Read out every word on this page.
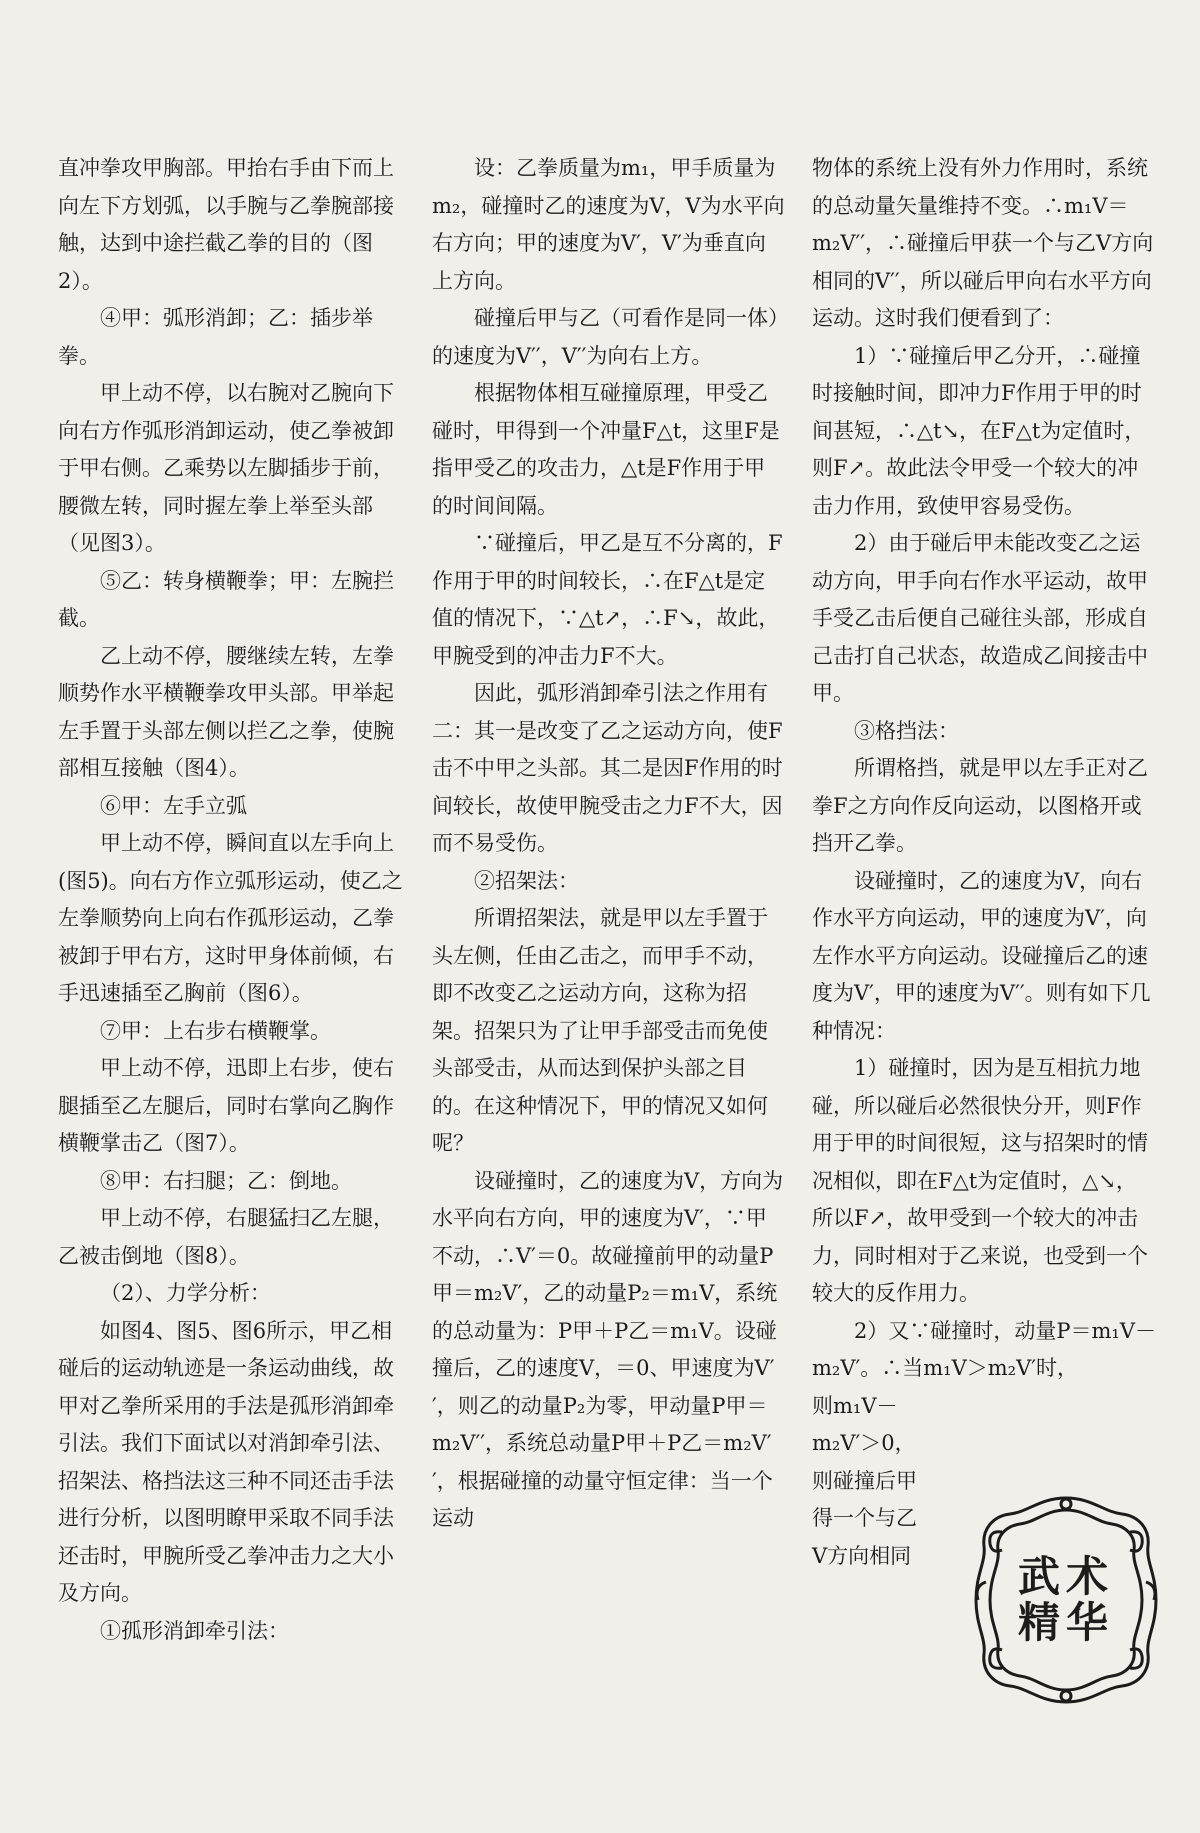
直冲拳攻甲胸部。甲抬右手由下而上向左下方划弧，以手腕与乙拳腕部接触，达到中途拦截乙拳的目的（图2）。

④甲：弧形消卸；乙：插步举拳。

甲上动不停，以右腕对乙腕向下向右方作弧形消卸运动，使乙拳被卸于甲右侧。乙乘势以左脚插步于前，腰微左转，同时握左拳上举至头部（见图3）。

⑤乙：转身横鞭拳；甲：左腕拦截。

乙上动不停，腰继续左转，左拳顺势作水平横鞭拳攻甲头部。甲举起左手置于头部左侧以拦乙之拳，使腕部相互接触（图4）。

⑥甲：左手立弧

甲上动不停，瞬间直以左手向上(图5)。向右方作立弧形运动，使乙之左拳顺势向上向右作孤形运动，乙拳被卸于甲右方，这时甲身体前倾，右手迅速插至乙胸前（图6）。

⑦甲：上右步右横鞭掌。

甲上动不停，迅即上右步，使右腿插至乙左腿后，同时右掌向乙胸作横鞭掌击乙（图7）。

⑧甲：右扫腿；乙：倒地。

甲上动不停，右腿猛扫乙左腿，乙被击倒地（图8）。

（2）、力学分析：

如图4、图5、图6所示，甲乙相碰后的运动轨迹是一条运动曲线，故甲对乙拳所采用的手法是孤形消卸牵引法。我们下面试以对消卸牵引法、招架法、格挡法这三种不同还击手法进行分析，以图明瞭甲采取不同手法还击时，甲腕所受乙拳冲击力之大小及方向。

①孤形消卸牵引法：

设：乙拳质量为m₁，甲手质量为m₂，碰撞时乙的速度为V，V为水平向右方向；甲的速度为V′，V′为垂直向上方向。

碰撞后甲与乙（可看作是同一体）的速度为V′′，V′′为向右上方。

根据物体相互碰撞原理，甲受乙碰时，甲得到一个冲量F△t，这里F是指甲受乙的攻击力，△t是F作用于甲的时间间隔。

∵碰撞后，甲乙是互不分离的，F作用于甲的时间较长，∴在F△t是定值的情况下，∵△t↗，∴F↘，故此，甲腕受到的冲击力F不大。

因此，弧形消卸牵引法之作用有二：其一是改变了乙之运动方向，使F击不中甲之头部。其二是因F作用的时间较长，故使甲腕受击之力F不大，因而不易受伤。

②招架法：

所谓招架法，就是甲以左手置于头左侧，任由乙击之，而甲手不动，即不改变乙之运动方向，这称为招架。招架只为了让甲手部受击而免使头部受击，从而达到保护头部之目的。在这种情况下，甲的情况又如何呢？

设碰撞时，乙的速度为V，方向为水平向右方向，甲的速度为V′，∵甲不动，∴V′＝0。故碰撞前甲的动量P甲＝m₂V′，乙的动量P₂＝m₁V，系统的总动量为：P甲＋P乙＝m₁V。设碰撞后，乙的速度V，＝0、甲速度为V′′，则乙的动量P₂为零，甲动量P甲＝m₂V′′，系统总动量P甲＋P乙＝m₂V′′，根据碰撞的动量守恒定律：当一个运动

物体的系统上没有外力作用时，系统的总动量矢量维持不变。∴m₁V＝m₂V′′，∴碰撞后甲获一个与乙V方向相同的V′′，所以碰后甲向右水平方向运动。这时我们便看到了：

1）∵碰撞后甲乙分开，∴碰撞时接触时间，即冲力F作用于甲的时间甚短，∴△t↘，在F△t为定值时，则F↗。故此法令甲受一个较大的冲击力作用，致使甲容易受伤。

2）由于碰后甲未能改变乙之运动方向，甲手向右作水平运动，故甲手受乙击后便自己碰往头部，形成自己击打自己状态，故造成乙间接击中甲。

③格挡法：

所谓格挡，就是甲以左手正对乙拳F之方向作反向运动，以图格开或挡开乙拳。

设碰撞时，乙的速度为V，向右作水平方向运动，甲的速度为V′，向左作水平方向运动。设碰撞后乙的速度为V′，甲的速度为V′′。则有如下几种情况：

1）碰撞时，因为是互相抗力地碰，所以碰后必然很快分开，则F作用于甲的时间很短，这与招架时的情况相似，即在F△t为定值时，△↘，所以F↗，故甲受到一个较大的冲击力，同时相对于乙来说，也受到一个较大的反作用力。

2）又∵碰撞时，动量P＝m₁V－m₂V′。∴当m₁V＞m₂V′时，

则m₁V－
m₂V′＞0，
则碰撞后甲
得一个与乙
V方向相同	武术
精华
